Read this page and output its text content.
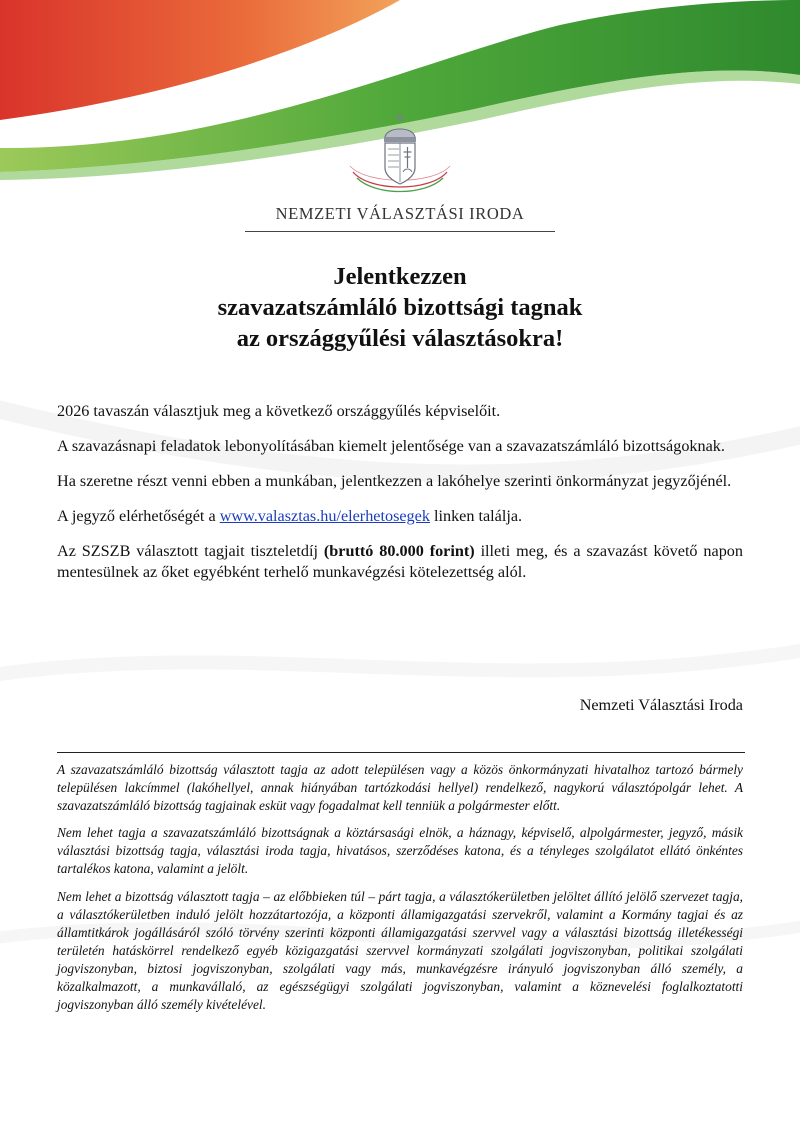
NEMZETI VÁLASZTÁSI IRODA
Jelentkezzen
szavazatszámláló bizottsági tagnak
az országgyűlési választásokra!

2026 tavaszán választjuk meg a következő országgyűlés képviselőit.

A szavazásnapi feladatok lebonyolításában kiemelt jelentősége van a szavazatszámláló bizottságoknak.

Ha szeretne részt venni ebben a munkában, jelentkezzen a lakóhelye szerinti önkormányzat jegyzőjénél.

A jegyző elérhetőségét a www.valasztas.hu/elerhetosegek linken találja.

Az SZSZB választott tagjait tiszteletdíj (bruttó 80.000 forint) illeti meg, és a szavazást követő napon mentesülnek az őket egyébként terhelő munkavégzési kötelezettség alól.

Nemzeti Választási Iroda

A szavazatszámláló bizottság választott tagja az adott településen vagy a közös önkormányzati hivatalhoz tartozó bármely településen lakcímmel (lakóhellyel, annak hiányában tartózkodási hellyel) rendelkező, nagykorú választópolgár lehet. A szavazatszámláló bizottság tagjainak esküt vagy fogadalmat kell tenniük a polgármester előtt.

Nem lehet tagja a szavazatszámláló bizottságnak a köztársasági elnök, a háznagy, képviselő, alpolgármester, jegyző, másik választási bizottság tagja, választási iroda tagja, hivatásos, szerződéses katona, és a tényleges szolgálatot ellátó önkéntes tartalékos katona, valamint a jelölt.

Nem lehet a bizottság választott tagja – az előbbieken túl – párt tagja, a választókerületben jelöltet állító jelölő szervezet tagja, a választókerületben induló jelölt hozzátartozója, a központi államigazgatási szervekről, valamint a Kormány tagjai és az államtitkárok jogállásáról szóló törvény szerinti központi államigazgatási szervvel vagy a választási bizottság illetékességi területén hatáskörrel rendelkező egyéb közigazgatási szervvel kormányzati szolgálati jogviszonyban, politikai szolgálati jogviszonyban, biztosi jogviszonyban, szolgálati vagy más, munkavégzésre irányuló jogviszonyban álló személy, a közalkalmazott, a munkavállaló, az egészségügyi szolgálati jogviszonyban, valamint a köznevelési foglalkoztatotti jogviszonyban álló személy kivételével.
